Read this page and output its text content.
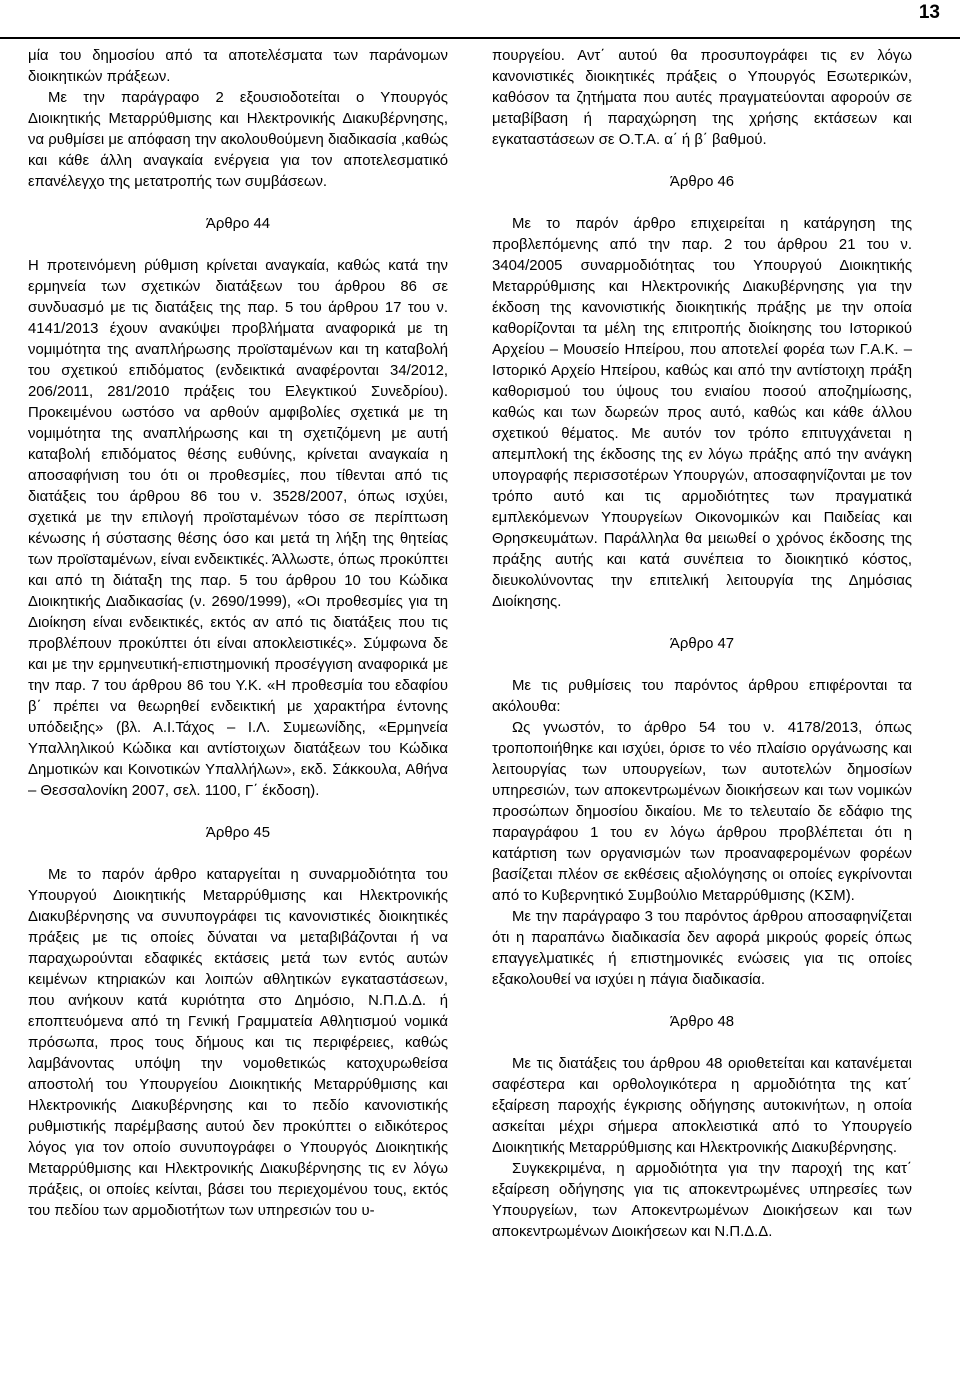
13

μία του δημοσίου από τα αποτελέσματα των παράνομων διοικητικών πράξεων.

Με την παράγραφο 2 εξουσιοδοτείται ο Υπουργός Διοικητικής Μεταρρύθμισης και Ηλεκτρονικής Διακυβέρνησης, να ρυθμίσει με απόφαση την ακολουθούμενη διαδικασία ,καθώς και κάθε άλλη αναγκαία ενέργεια για τον αποτελεσματικό επανέλεγχο της μετατροπής των συμβάσεων.

Άρθρο 44

Η προτεινόμενη ρύθμιση κρίνεται αναγκαία, καθώς κατά την ερμηνεία των σχετικών διατάξεων του άρθρου 86 σε συνδυασμό με τις διατάξεις της παρ. 5 του άρθρου 17 του ν. 4141/2013 έχουν ανακύψει προβλήματα αναφορικά με τη νομιμότητα της αναπλήρωσης προϊσταμένων και τη καταβολή του σχετικού επιδόματος (ενδεικτικά αναφέρονται 34/2012, 206/2011, 281/2010 πράξεις του Ελεγκτικού Συνεδρίου). Προκειμένου ωστόσο να αρθούν αμφιβολίες σχετικά με τη νομιμότητα της αναπλήρωσης και τη σχετιζόμενη με αυτή καταβολή επιδόματος θέσης ευθύνης, κρίνεται αναγκαία η αποσαφήνιση του ότι οι προθεσμίες, που τίθενται από τις διατάξεις του άρθρου 86 του ν. 3528/2007, όπως ισχύει, σχετικά με την επιλογή προϊσταμένων τόσο σε περίπτωση κένωσης ή σύστασης θέσης όσο και μετά τη λήξη της θητείας των προϊσταμένων, είναι ενδεικτικές. Άλλωστε, όπως προκύπτει και από τη διάταξη της παρ. 5 του άρθρου 10 του Κώδικα Διοικητικής Διαδικασίας (ν. 2690/1999), «Οι προθεσμίες για τη Διοίκηση είναι ενδεικτικές, εκτός αν από τις διατάξεις που τις προβλέπουν προκύπτει ότι είναι αποκλειστικές». Σύμφωνα δε και με την ερμηνευτική-επιστημονική προσέγγιση αναφορικά με την παρ. 7 του άρθρου 86 του Υ.Κ. «Η προθεσμία του εδαφίου β΄ πρέπει να θεωρηθεί ενδεικτική με χαρακτήρα έντονης υπόδειξης» (βλ. Α.Ι.Τάχος – Ι.Λ. Συμεωνίδης, «Ερμηνεία Υπαλληλικού Κώδικα και αντίστοιχων διατάξεων του Κώδικα Δημοτικών και Κοινοτικών Υπαλλήλων», εκδ. Σάκκουλα, Αθήνα – Θεσσαλονίκη 2007, σελ. 1100, Γ΄ έκδοση).

Άρθρο 45

Με το παρόν άρθρο καταργείται η συναρμοδιότητα του Υπουργού Διοικητικής Μεταρρύθμισης και Ηλεκτρονικής Διακυβέρνησης να συνυπογράφει τις κανονιστικές διοικητικές πράξεις με τις οποίες δύναται να μεταβιβάζονται ή να παραχωρούνται εδαφικές εκτάσεις μετά των εντός αυτών κειμένων κτηριακών και λοιπών αθλητικών εγκαταστάσεων, που ανήκουν κατά κυριότητα στο Δημόσιο, Ν.Π.Δ.Δ. ή εποπτευόμενα από τη Γενική Γραμματεία Αθλητισμού νομικά πρόσωπα, προς τους δήμους και τις περιφέρειες, καθώς λαμβάνοντας υπόψη την νομοθετικώς κατοχυρωθείσα αποστολή του Υπουργείου Διοικητικής Μεταρρύθμισης και Ηλεκτρονικής Διακυβέρνησης και το πεδίο κανονιστικής ρυθμιστικής παρέμβασης αυτού δεν προκύπτει ο ειδικότερος λόγος για τον οποίο συνυπογράφει ο Υπουργός Διοικητικής Μεταρρύθμισης και Ηλεκτρονικής Διακυβέρνησης τις εν λόγω πράξεις, οι οποίες κείνται, βάσει του περιεχομένου τους, εκτός του πεδίου των αρμοδιοτήτων των υπηρεσιών του υ-

πουργείου. Αντ΄ αυτού θα προσυπογράφει τις εν λόγω κανονιστικές διοικητικές πράξεις ο Υπουργός Εσωτερικών, καθόσον τα ζητήματα που αυτές πραγματεύονται αφορούν σε μεταβίβαση ή παραχώρηση της χρήσης εκτάσεων και εγκαταστάσεων σε Ο.Τ.Α. α΄ ή β΄ βαθμού.

Άρθρο 46

Με το παρόν άρθρο επιχειρείται η κατάργηση της προβλεπόμενης από την παρ. 2 του άρθρου 21 του ν. 3404/2005 συναρμοδιότητας του Υπουργού Διοικητικής Μεταρρύθμισης και Ηλεκτρονικής Διακυβέρνησης για την έκδοση της κανονιστικής διοικητικής πράξης με την οποία καθορίζονται τα μέλη της επιτροπής διοίκησης του Ιστορικού Αρχείου – Μουσείο Ηπείρου, που αποτελεί φορέα των Γ.Α.Κ. – Ιστορικό Αρχείο Ηπείρου, καθώς και από την αντίστοιχη πράξη καθορισμού του ύψους του ενιαίου ποσού αποζημίωσης, καθώς και των δωρεών προς αυτό, καθώς και κάθε άλλου σχετικού θέματος. Με αυτόν τον τρόπο επιτυγχάνεται η απεμπλοκή της έκδοσης της εν λόγω πράξης από την ανάγκη υπογραφής περισσοτέρων Υπουργών, αποσαφηνίζονται με τον τρόπο αυτό και τις αρμοδιότητες των πραγματικά εμπλεκόμενων Υπουργείων Οικονομικών και Παιδείας και Θρησκευμάτων. Παράλληλα θα μειωθεί ο χρόνος έκδοσης της πράξης αυτής και κατά συνέπεια το διοικητικό κόστος, διευκολύνοντας την επιτελική λειτουργία της Δημόσιας Διοίκησης.

Άρθρο 47

Με τις ρυθμίσεις του παρόντος άρθρου επιφέρονται τα ακόλουθα:

Ως γνωστόν, το άρθρο 54 του ν. 4178/2013, όπως τροποποιήθηκε και ισχύει, όρισε το νέο πλαίσιο οργάνωσης και λειτουργίας των υπουργείων, των αυτοτελών δημοσίων υπηρεσιών, των αποκεντρωμένων διοικήσεων και των νομικών προσώπων δημοσίου δικαίου. Με το τελευταίο δε εδάφιο της παραγράφου 1 του εν λόγω άρθρου προβλέπεται ότι η κατάρτιση των οργανισμών των προαναφερομένων φορέων βασίζεται πλέον σε εκθέσεις αξιολόγησης οι οποίες εγκρίνονται από το Κυβερνητικό Συμβούλιο Μεταρρύθμισης (ΚΣΜ).

Με την παράγραφο 3 του παρόντος άρθρου αποσαφηνίζεται ότι η παραπάνω διαδικασία δεν αφορά μικρούς φορείς όπως επαγγελματικές ή επιστημονικές ενώσεις για τις οποίες εξακολουθεί να ισχύει η πάγια διαδικασία.

Άρθρο 48

Με τις διατάξεις του άρθρου 48 οριοθετείται και κατανέμεται σαφέστερα και ορθολογικότερα η αρμοδιότητα της κατ΄ εξαίρεση παροχής έγκρισης οδήγησης αυτοκινήτων, η οποία ασκείται μέχρι σήμερα αποκλειστικά από το Υπουργείο Διοικητικής Μεταρρύθμισης και Ηλεκτρονικής Διακυβέρνησης.

Συγκεκριμένα, η αρμοδιότητα για την παροχή της κατ΄ εξαίρεση οδήγησης για τις αποκεντρωμένες υπηρεσίες των Υπουργείων, των Αποκεντρωμένων Διοικήσεων και των αποκεντρωμένων Διοικήσεων και Ν.Π.Δ.Δ.
